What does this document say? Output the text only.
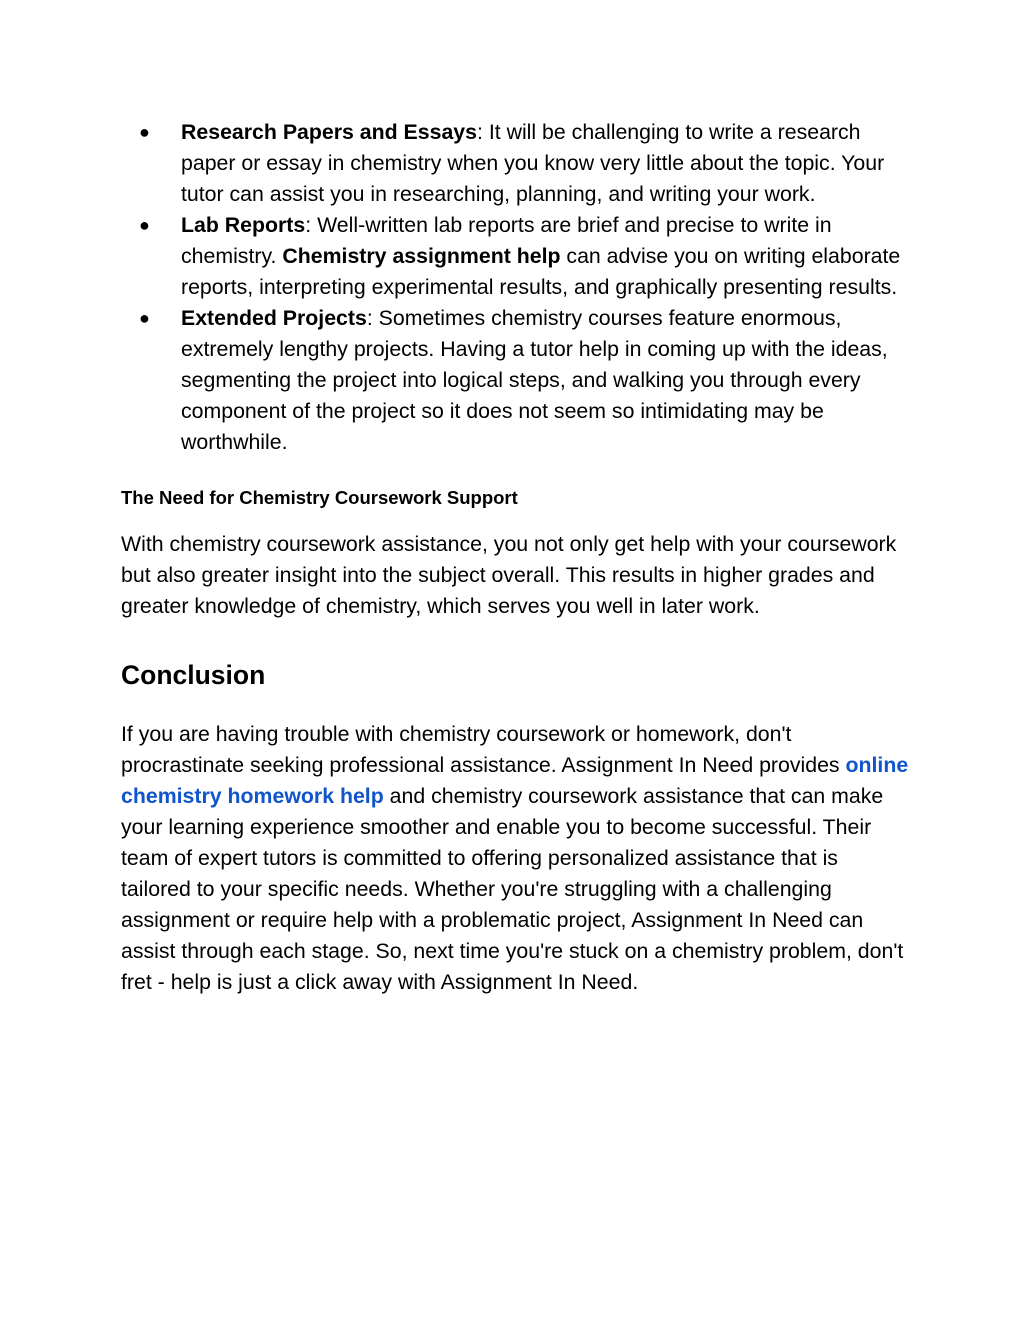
● Research Papers and Essays: It will be challenging to write a research paper or essay in chemistry when you know very little about the topic. Your tutor can assist you in researching, planning, and writing your work.
● Lab Reports: Well-written lab reports are brief and precise to write in chemistry. Chemistry assignment help can advise you on writing elaborate reports, interpreting experimental results, and graphically presenting results.
● Extended Projects: Sometimes chemistry courses feature enormous, extremely lengthy projects. Having a tutor help in coming up with the ideas, segmenting the project into logical steps, and walking you through every component of the project so it does not seem so intimidating may be worthwhile.
The Need for Chemistry Coursework Support

With chemistry coursework assistance, you not only get help with your coursework but also greater insight into the subject overall. This results in higher grades and greater knowledge of chemistry, which serves you well in later work.

Conclusion

If you are having trouble with chemistry coursework or homework, don't procrastinate seeking professional assistance. Assignment In Need provides online chemistry homework help and chemistry coursework assistance that can make your learning experience smoother and enable you to become successful. Their team of expert tutors is committed to offering personalized assistance that is tailored to your specific needs. Whether you're struggling with a challenging assignment or require help with a problematic project, Assignment In Need can assist through each stage. So, next time you're stuck on a chemistry problem, don't fret - help is just a click away with Assignment In Need.
